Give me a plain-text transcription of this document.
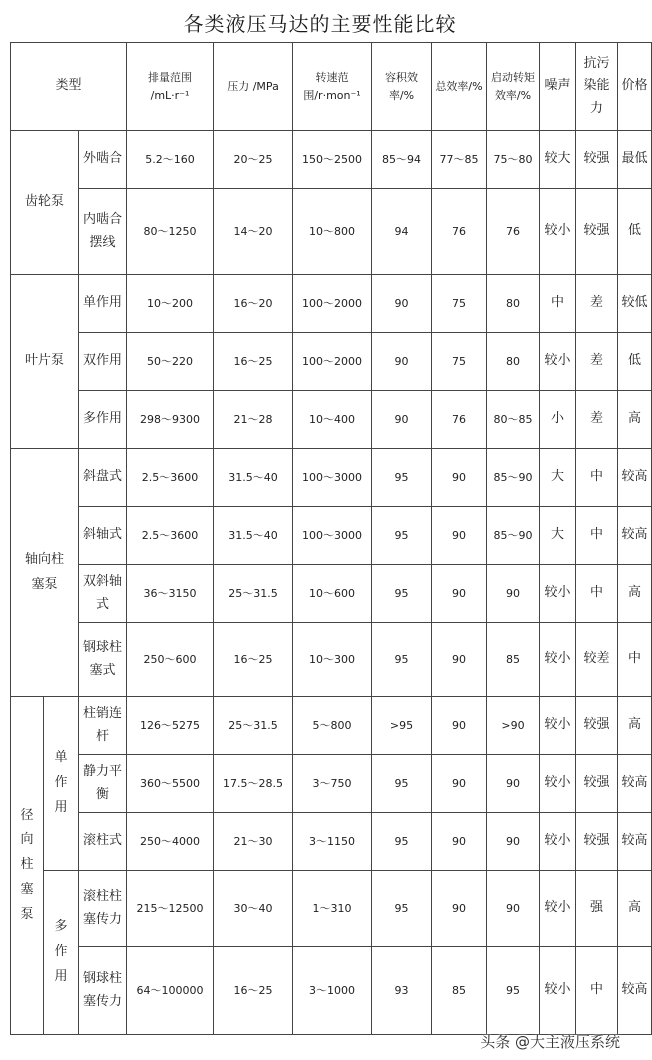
各类液压马达的主要性能比较
类型			排量范围 /mL·r⁻¹	压力 /MPa	转速范围/r·mon⁻¹	容积效率/%	总效率/%	启动转矩效率/%	噪声	抗污染能力	价格
齿轮泵		外啮合	5.2～160	20～25	150～2500	85～94	77～85	75～80	较大	较强	最低
		内啮合摆线	80～1250	14～20	10～800	94	76	76	较小	较强	低
叶片泵		单作用	10～200	16～20	100～2000	90	75	80	中	差	较低
		双作用	50～220	16～25	100～2000	90	75	80	较小	差	低
		多作用	298～9300	21～28	10～400	90	76	80～85	小	差	高
轴向柱塞泵		斜盘式	2.5～3600	31.5～40	100～3000	95	90	85～90	大	中	较高
		斜轴式	2.5～3600	31.5～40	100～3000	95	90	85～90	大	中	较高
		双斜轴式	36～3150	25～31.5	10～600	95	90	90	较小	中	高
		钢球柱塞式	250～600	16～25	10～300	95	90	85	较小	较差	中
径向柱塞泵	单作用	柱销连杆	126～5275	25～31.5	5～800	>95	90	>90	较小	较强	高
		静力平衡	360～5500	17.5～28.5	3～750	95	90	90	较小	较强	较高
		滚柱式	250～4000	21～30	3～1150	95	90	90	较小	较强	较高
	多作用	滚柱柱塞传力	215～12500	30～40	1～310	95	90	90	较小	强	高
		钢球柱塞传力	64～100000	16～25	3～1000	93	85	95	较小	中	较高
头条 @大主液压系统
